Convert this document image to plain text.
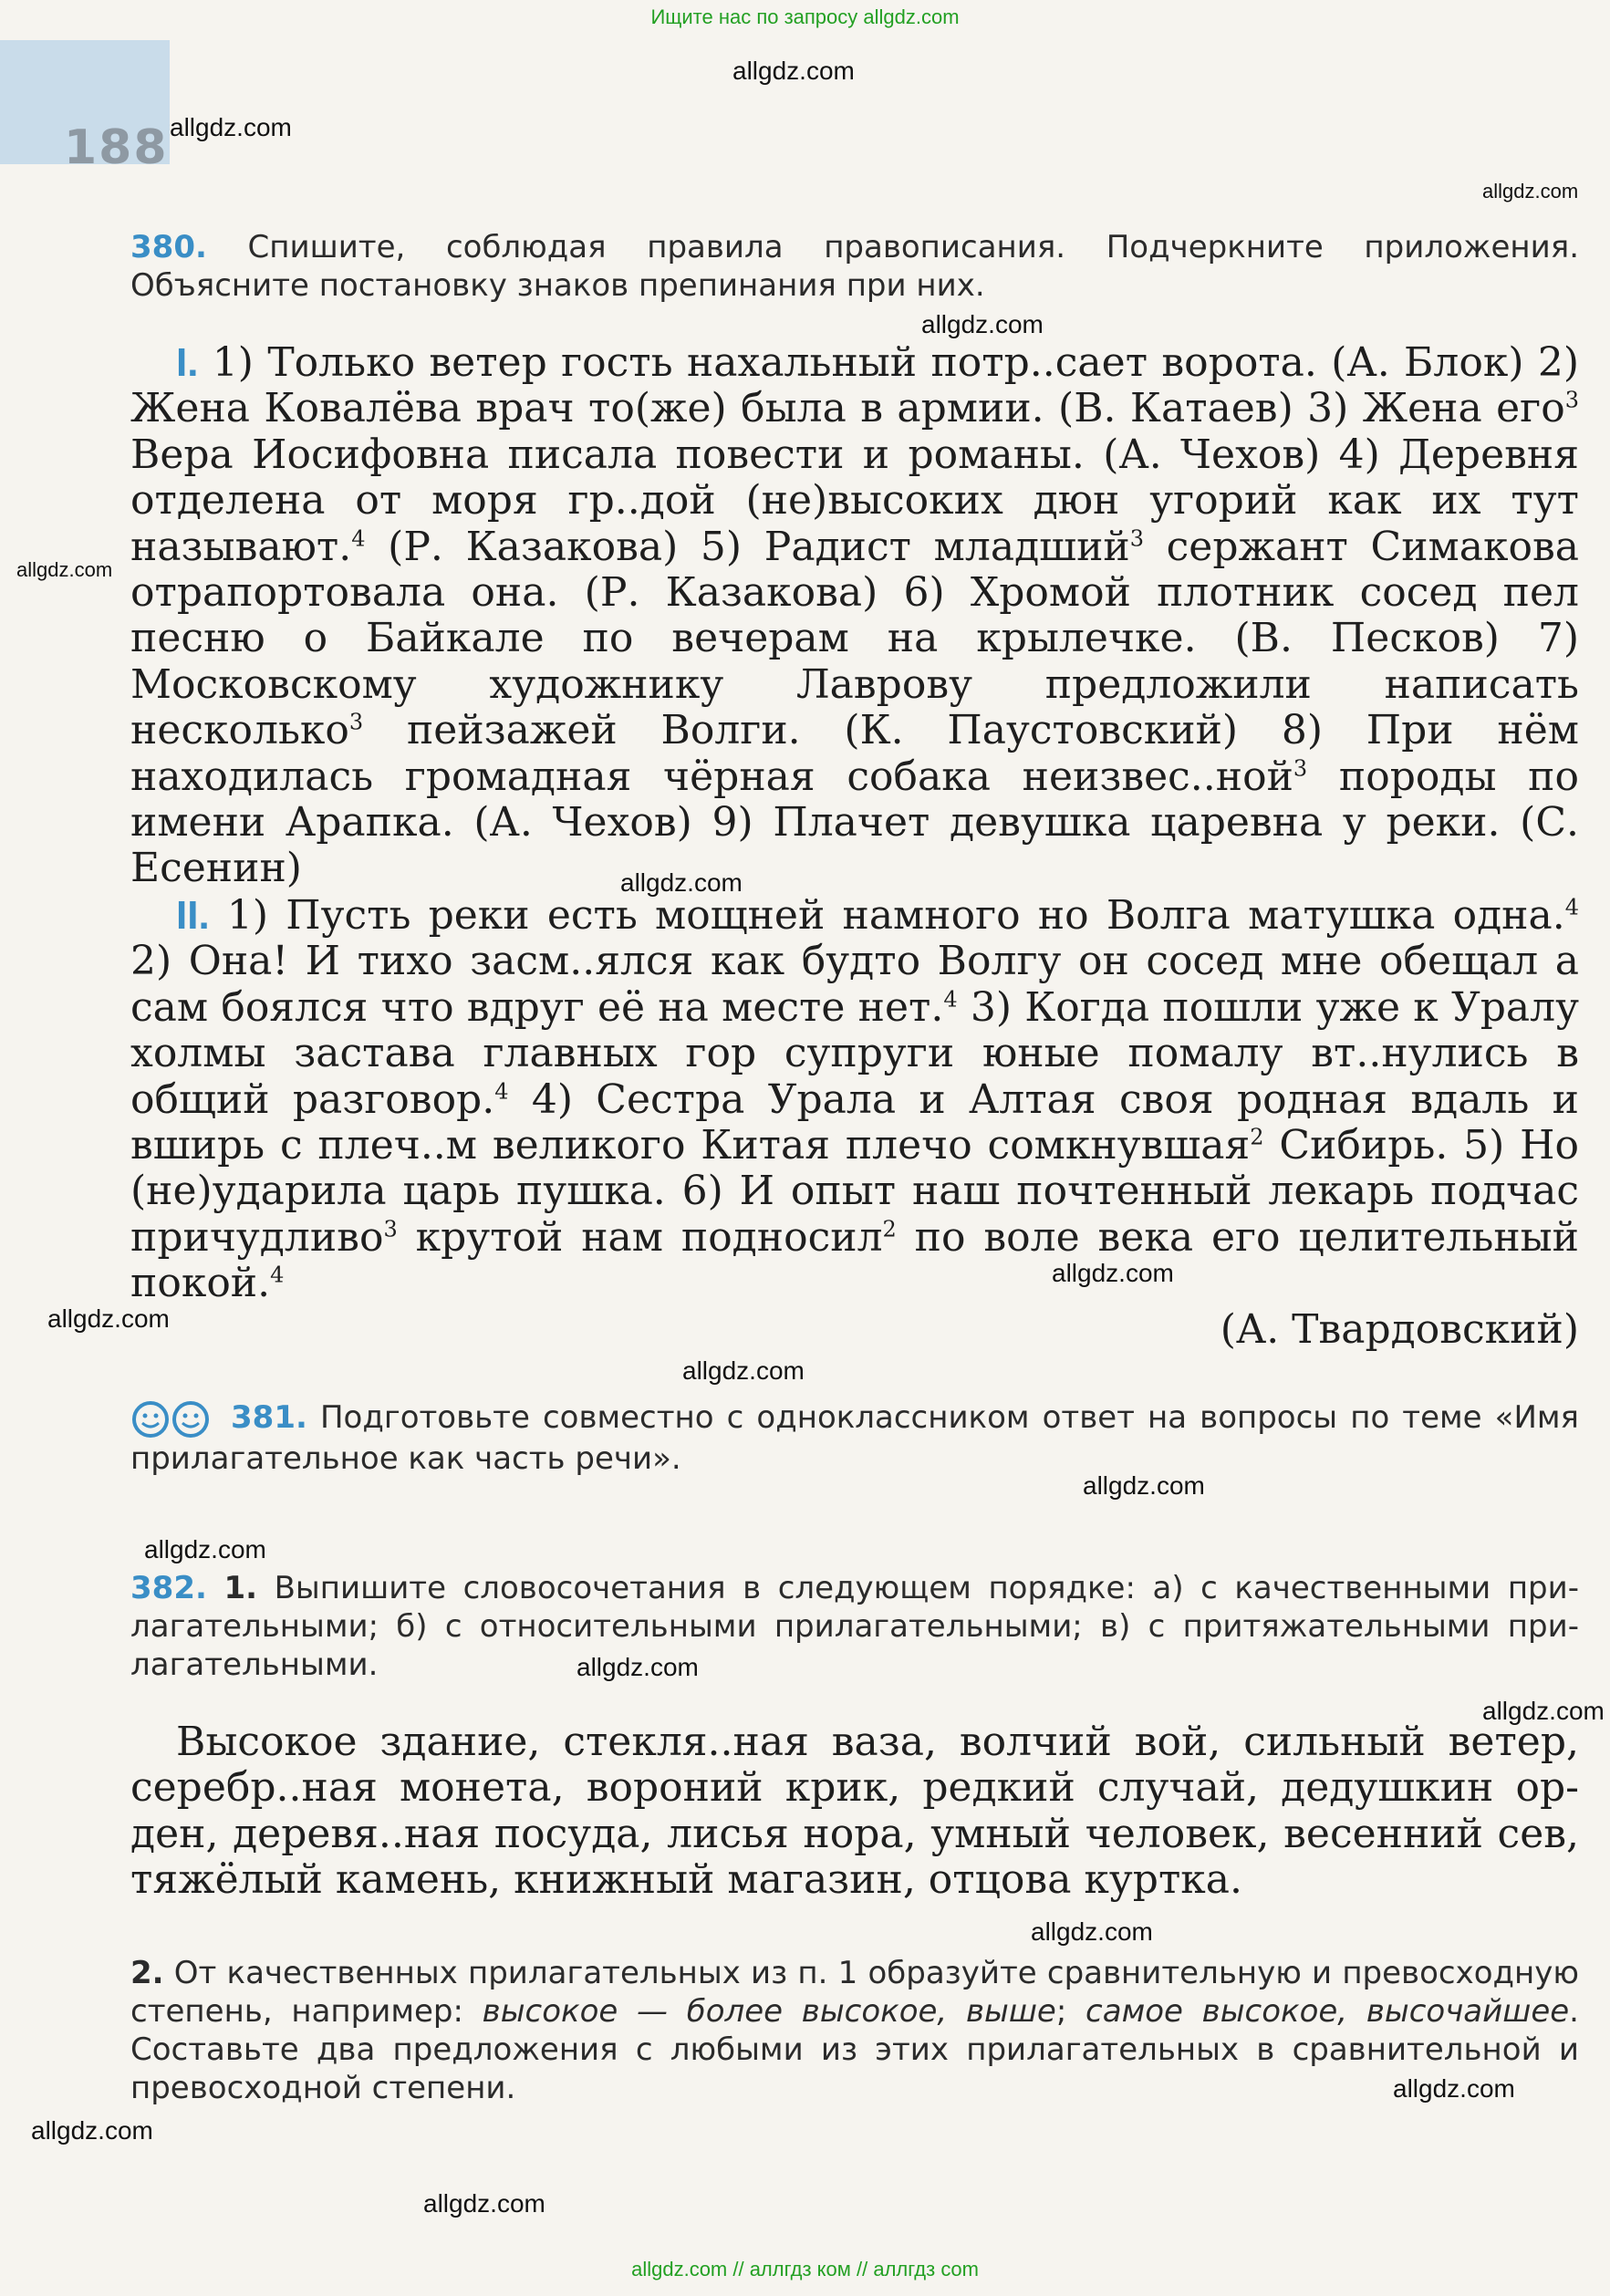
Ищите нас по запросу allgdz.com
188
allgdz.com
allgdz.com
allgdz.com
allgdz.com
allgdz.com
allgdz.com
allgdz.com
allgdz.com
allgdz.com
allgdz.com
allgdz.com
allgdz.com
allgdz.com
allgdz.com
allgdz.com
allgdz.com
allgdz.com
380. Спишите, соблюдая правила правописания. Подчеркните приложения. Объясните постановку знаков препинания при них.
I. 1) Только ветер гость нахальный потр..сает ворота. (А. Блок) 2) Жена Ковалёва врач то(же) была в армии. (В. Катаев) 3) Жена его$^3$ Вера Иосифовна писала повести и романы. (А. Чехов) 4) Деревня отделена от моря гр..дой (не)высоких дюн угорий как их тут называют.$^4$ (Р. Казакова) 5) Радист младший$^3$ сержант Симакова отрапортовала она. (Р. Казакова) 6) Хромой плотник сосед пел песню о Байкале по вечерам на крылечке. (В. Песков) 7) Московскому художнику Лаврову предложили написать несколько$^3$ пейзажей Волги. (К. Паустовский) 8) При нём находилась громадная чёрная собака неизвес..ной$^3$ породы по имени Арапка. (А. Чехов) 9) Плачет девушка царевна у реки. (С. Есенин)
II. 1) Пусть реки есть мощней намного но Волга матушка одна.$^4$ 2) Она! И тихо засм..ялся как будто Волгу он сосед мне обещал а сам боялся что вдруг её на месте нет.$^4$ 3) Когда пошли уже к Уралу холмы застава главных гор супруги юные помалу вт..нулись в общий разговор.$^4$ 4) Сестра Урала и Алтая своя родная вдаль и вширь с плеч..м великого Китая плечо сомкнувшая$^2$ Сибирь. 5) Но (не)ударила царь пушка. 6) И опыт наш почтенный лекарь подчас причудливо$^3$ крутой нам подносил$^2$ по воле века его целительный покой.$^4$
(А. Твардовский)
381. Подготовьте совместно с одноклассником ответ на вопросы по теме «Имя прилагательное как часть речи».
382. 1. Выпишите словосочетания в следующем порядке: а) с качественными прилагательными; б) с относительными прилагательными; в) с притяжательными прилагательными.
Высокое здание, стекля..ная ваза, волчий вой, сильный ветер, серебр..ная монета, вороний крик, редкий случай, дедушкин орден, деревя..ная посуда, лисья нора, умный человек, весенний сев, тяжёлый камень, книжный магазин, отцова куртка.
2. От качественных прилагательных из п. 1 образуйте сравнительную и превосходную степень, например: высокое — более высокое, выше; самое высокое, высочайшее. Составьте два предложения с любыми из этих прилагательных в сравнительной и превосходной степени.
allgdz.com // аллгдз ком // аллгдз com
